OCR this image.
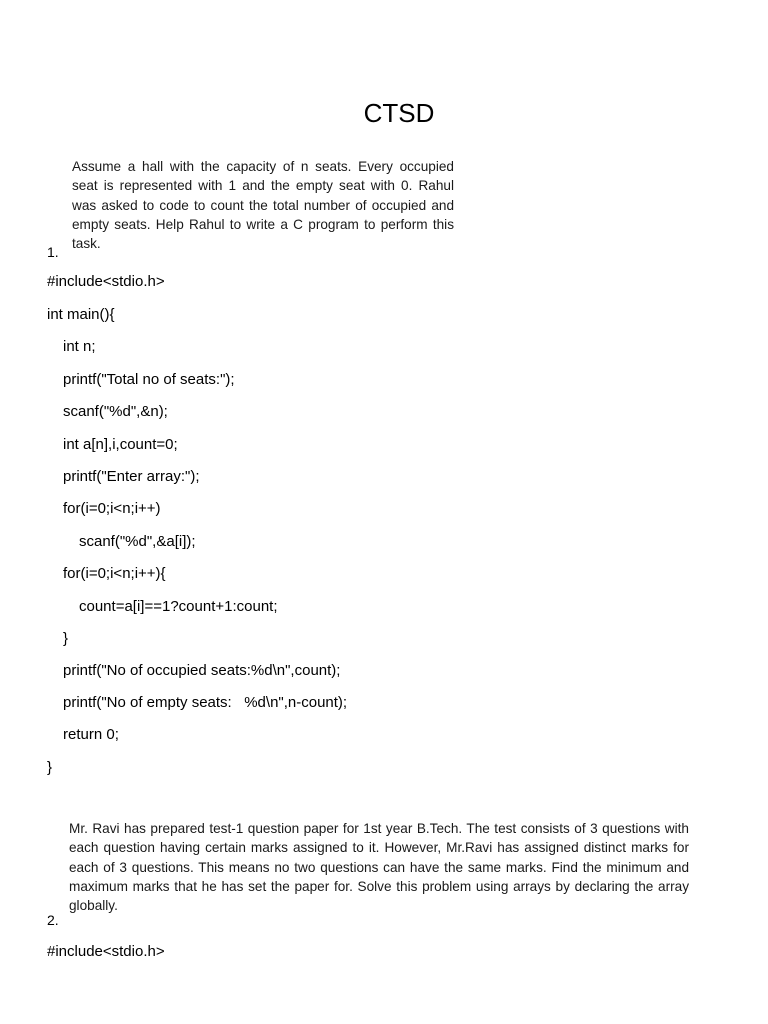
CTSD
Assume a hall with the capacity of n seats. Every occupied seat is represented with 1 and the empty seat with 0. Rahul was asked to code to count the total number of occupied and empty seats. Help Rahul to write a C program to perform this task.
1.
#include<stdio.h>
int main(){
int n;
printf("Total no of seats:");
scanf("%d",&n);
int a[n],i,count=0;
printf("Enter array:");
for(i=0;i<n;i++)
scanf("%d",&a[i]);
for(i=0;i<n;i++){
count=a[i]==1?count+1:count;
}
printf("No of occupied seats:%d\n",count);
printf("No of empty seats:   %d\n",n-count);
return 0;
}
Mr. Ravi has prepared test-1 question paper for 1st year B.Tech. The test consists of 3 questions with each question having certain marks assigned to it. However, Mr.Ravi has assigned distinct marks for each of 3 questions. This means no two questions can have the same marks. Find the minimum and maximum marks that he has set the paper for. Solve this problem using arrays by declaring the array globally.
2.
#include<stdio.h>
